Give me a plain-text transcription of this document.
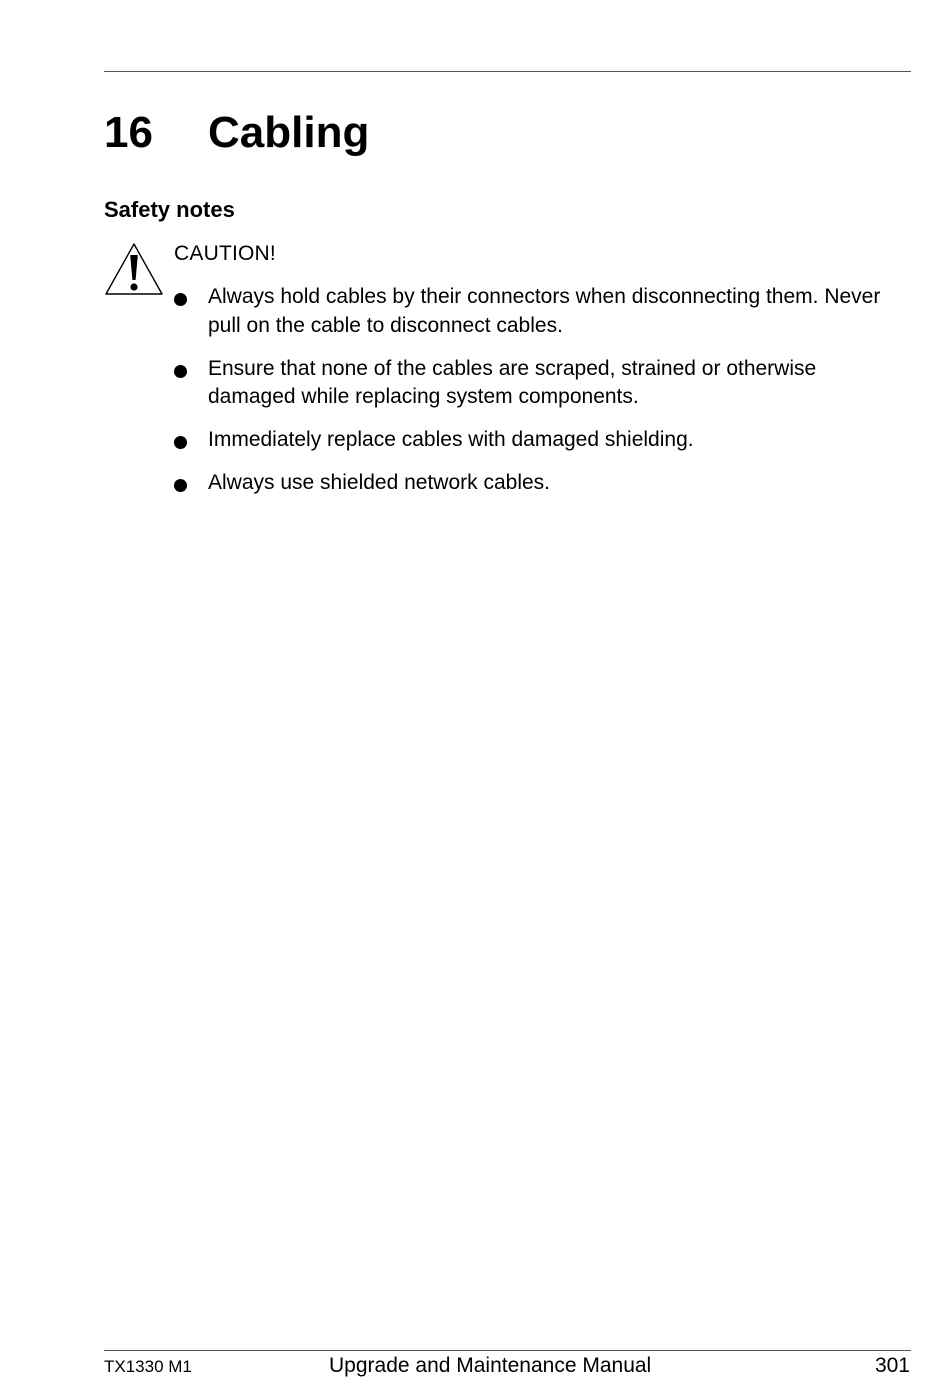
16 Cabling
Safety notes
CAUTION!
Always hold cables by their connectors when disconnecting them. Never pull on the cable to disconnect cables.
Ensure that none of the cables are scraped, strained or otherwise damaged while replacing system components.
Immediately replace cables with damaged shielding.
Always use shielded network cables.
TX1330 M1	Upgrade and Maintenance Manual	301
